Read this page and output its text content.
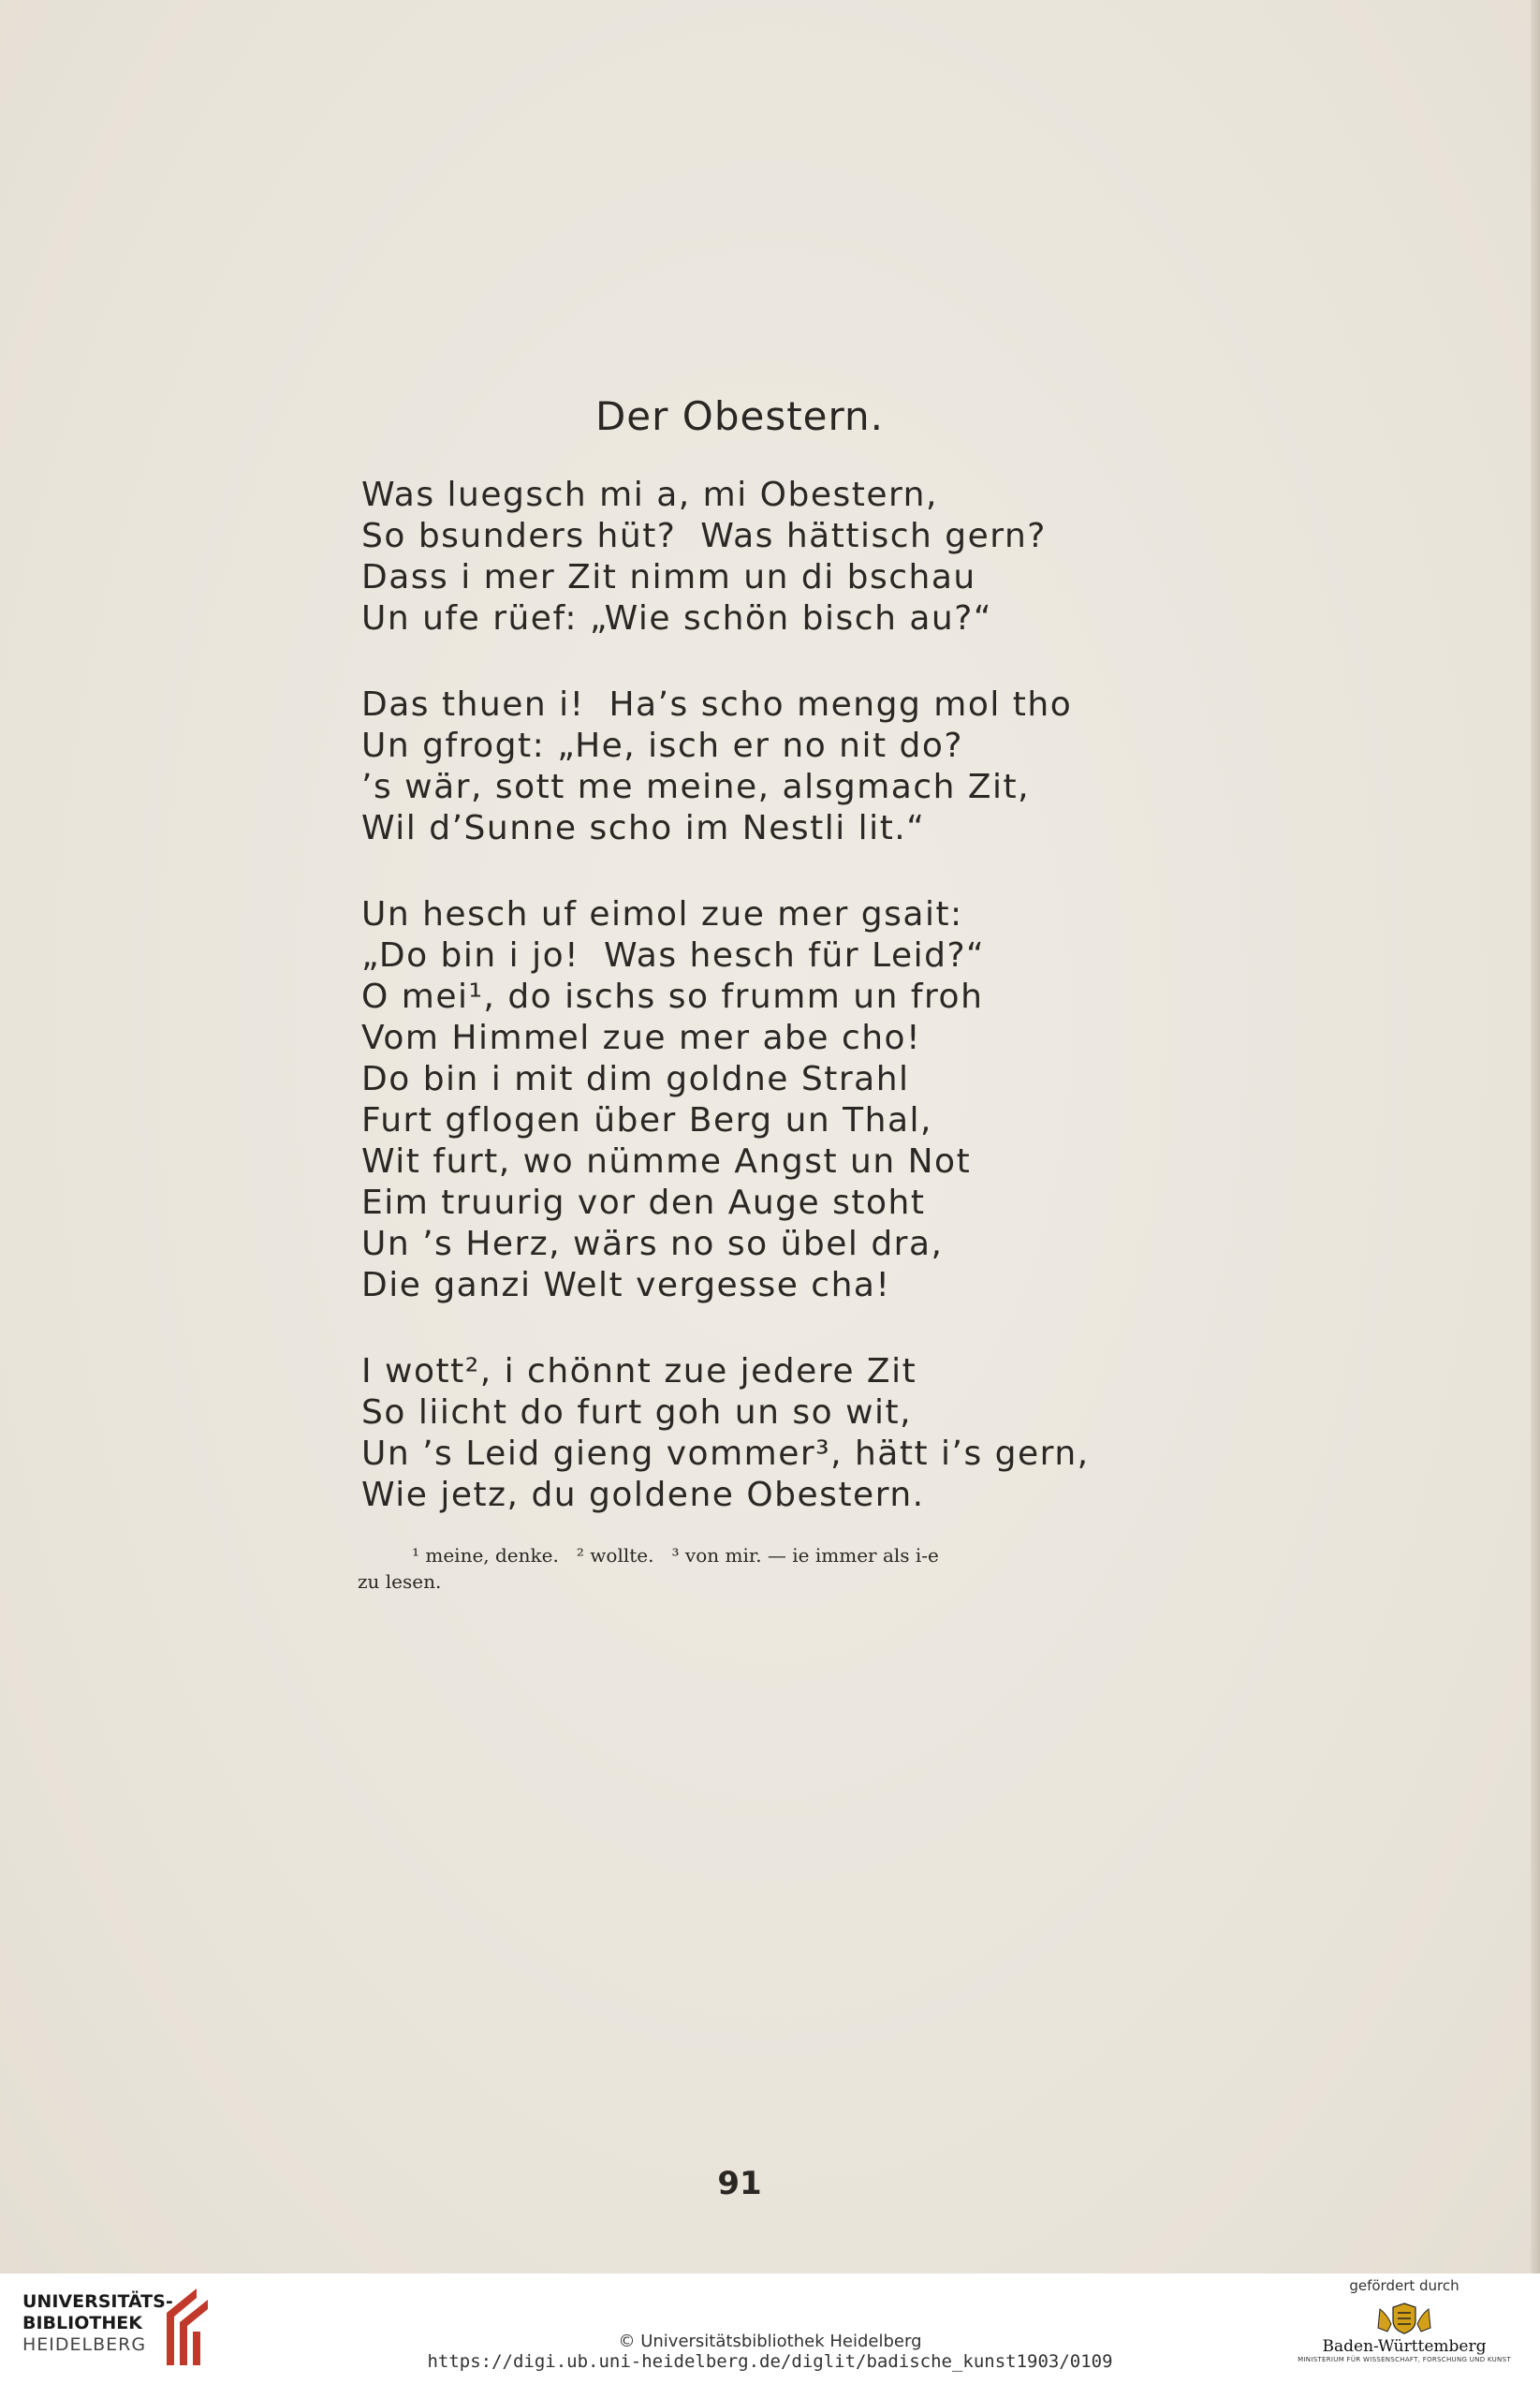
Der Obestern.
Was luegsch mi a, mi Obestern,
So bsunders hüt?  Was hättisch gern?
Dass i mer Zit nimm un di bschau
Un ufe rüef: „Wie schön bisch au?“
Das thuen i!  Ha’s scho mengg mol tho
Un gfrogt: „He, isch er no nit do?
’s wär, sott me meine, alsgmach Zit,
Wil d’Sunne scho im Nestli lit.“
Un hesch uf eimol zue mer gsait:
„Do bin i jo!  Was hesch für Leid?“
O mei¹, do ischs so frumm un froh
Vom Himmel zue mer abe cho!
Do bin i mit dim goldne Strahl
Furt gflogen über Berg un Thal,
Wit furt, wo nümme Angst un Not
Eim truurig vor den Auge stoht
Un ’s Herz, wärs no so übel dra,
Die ganzi Welt vergesse cha!
I wott², i chönnt zue jedere Zit
So liicht do furt goh un so wit,
Un ’s Leid gieng vommer³, hätt i’s gern,
Wie jetz, du goldene Obestern.
¹ meine, denke.   ² wollte.   ³ von mir. — ie immer als i-e
zu lesen.
91
UNIVERSITÄTS-
BIBLIOTHEK
HEIDELBERG	© Universitätsbibliothek Heidelberg
https://digi.ub.uni-heidelberg.de/diglit/badische_kunst1903/0109
gefördert durch
Baden-Württemberg
MINISTERIUM FÜR WISSENSCHAFT, FORSCHUNG UND KUNST
